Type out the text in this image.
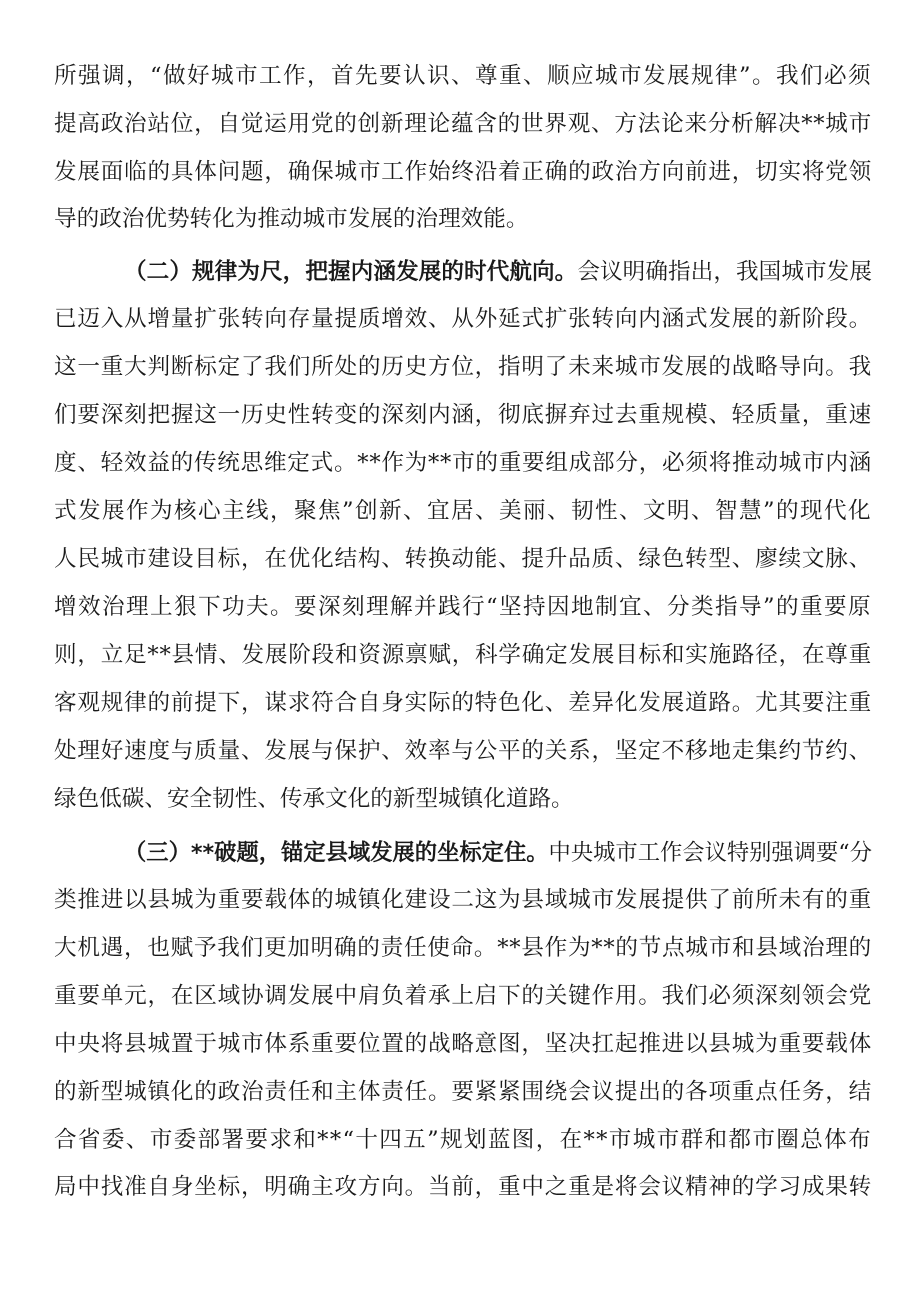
所强调，“做好城市工作，首先要认识、尊重、顺应城市发展规律”。我们必须
提高政治站位，自觉运用党的创新理论蕴含的世界观、方法论来分析解决**城市
发展面临的具体问题，确保城市工作始终沿着正确的政治方向前进，切实将党领
导的政治优势转化为推动城市发展的治理效能。
（二）规律为尺，把握内涵发展的时代航向。会议明确指出，我国城市发展
已迈入从增量扩张转向存量提质增效、从外延式扩张转向内涵式发展的新阶段。
这一重大判断标定了我们所处的历史方位，指明了未来城市发展的战略导向。我
们要深刻把握这一历史性转变的深刻内涵，彻底摒弃过去重规模、轻质量，重速
度、轻效益的传统思维定式。**作为**市的重要组成部分，必须将推动城市内涵
式发展作为核心主线，聚焦”创新、宜居、美丽、韧性、文明、智慧”的现代化
人民城市建设目标，在优化结构、转换动能、提升品质、绿色转型、廖续文脉、
增效治理上狠下功夫。要深刻理解并践行“坚持因地制宜、分类指导”的重要原
则，立足**县情、发展阶段和资源禀赋，科学确定发展目标和实施路径，在尊重
客观规律的前提下，谋求符合自身实际的特色化、差异化发展道路。尤其要注重
处理好速度与质量、发展与保护、效率与公平的关系，坚定不移地走集约节约、
绿色低碳、安全韧性、传承文化的新型城镇化道路。
（三）**破题，锚定县域发展的坐标定住。中央城市工作会议特别强调要“分
类推进以县城为重要载体的城镇化建设二这为县域城市发展提供了前所未有的重
大机遇，也赋予我们更加明确的责任使命。**县作为**的节点城市和县域治理的
重要单元，在区域协调发展中肩负着承上启下的关键作用。我们必须深刻领会党
中央将县城置于城市体系重要位置的战略意图，坚决扛起推进以县城为重要载体
的新型城镇化的政治责任和主体责任。要紧紧围绕会议提出的各项重点任务，结
合省委、市委部署要求和**“十四五”规划蓝图，在**市城市群和都市圈总体布
局中找准自身坐标，明确主攻方向。当前，重中之重是将会议精神的学习成果转
